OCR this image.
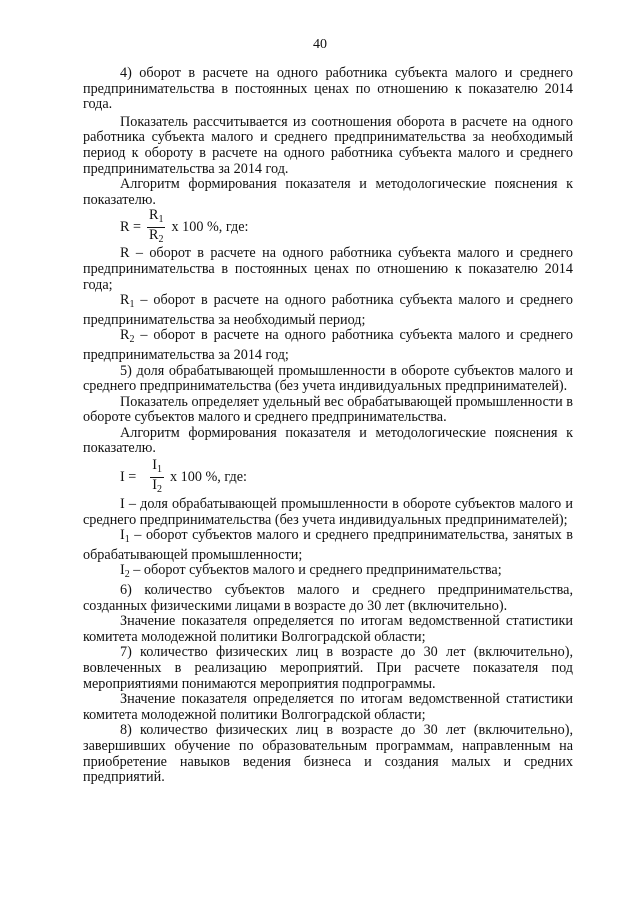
40

4) оборот в расчете на одного работника субъекта малого и среднего предпринимательства в постоянных ценах по отношению к показателю 2014 года.

Показатель рассчитывается из соотношения оборота в расчете на одного работника субъекта малого и среднего предпринимательства за необходимый период к обороту в расчете на одного работника субъекта малого и среднего предпринимательства за 2014 год.

Алгоритм формирования показателя и методологические пояснения к показателю.

$R = \frac{R_1}{R_2}$ х 100 %, где:

R – оборот в расчете на одного работника субъекта малого и среднего предпринимательства в постоянных ценах по отношению к показателю 2014 года;

$R_1$ – оборот в расчете на одного работника субъекта малого и среднего предпринимательства за необходимый период;

$R_2$ – оборот в расчете на одного работника субъекта малого и среднего предпринимательства за 2014 год;

5) доля обрабатывающей промышленности в обороте субъектов малого и среднего предпринимательства (без учета индивидуальных предпринимателей).

Показатель определяет удельный вес обрабатывающей промышленности в обороте субъектов малого и среднего предпринимательства.

Алгоритм формирования показателя и методологические пояснения к показателю.

$I = \frac{I_1}{I_2}$ х 100 %, где:

I – доля обрабатывающей промышленности в обороте субъектов малого и среднего предпринимательства (без учета индивидуальных предпринимателей);

$I_1$ – оборот субъектов малого и среднего предпринимательства, занятых в обрабатывающей промышленности;

$I_2$ – оборот субъектов малого и среднего предпринимательства;

6) количество субъектов малого и среднего предпринимательства, созданных физическими лицами в возрасте до 30 лет (включительно).

Значение показателя определяется по итогам ведомственной статистики комитета молодежной политики Волгоградской области;

7) количество физических лиц в возрасте до 30 лет (включительно), вовлеченных в реализацию мероприятий. При расчете показателя под мероприятиями понимаются мероприятия подпрограммы.

Значение показателя определяется по итогам ведомственной статистики комитета молодежной политики Волгоградской области;

8) количество физических лиц в возрасте до 30 лет (включительно), завершивших обучение по образовательным программам, направленным на приобретение навыков ведения бизнеса и создания малых и средних предприятий.
